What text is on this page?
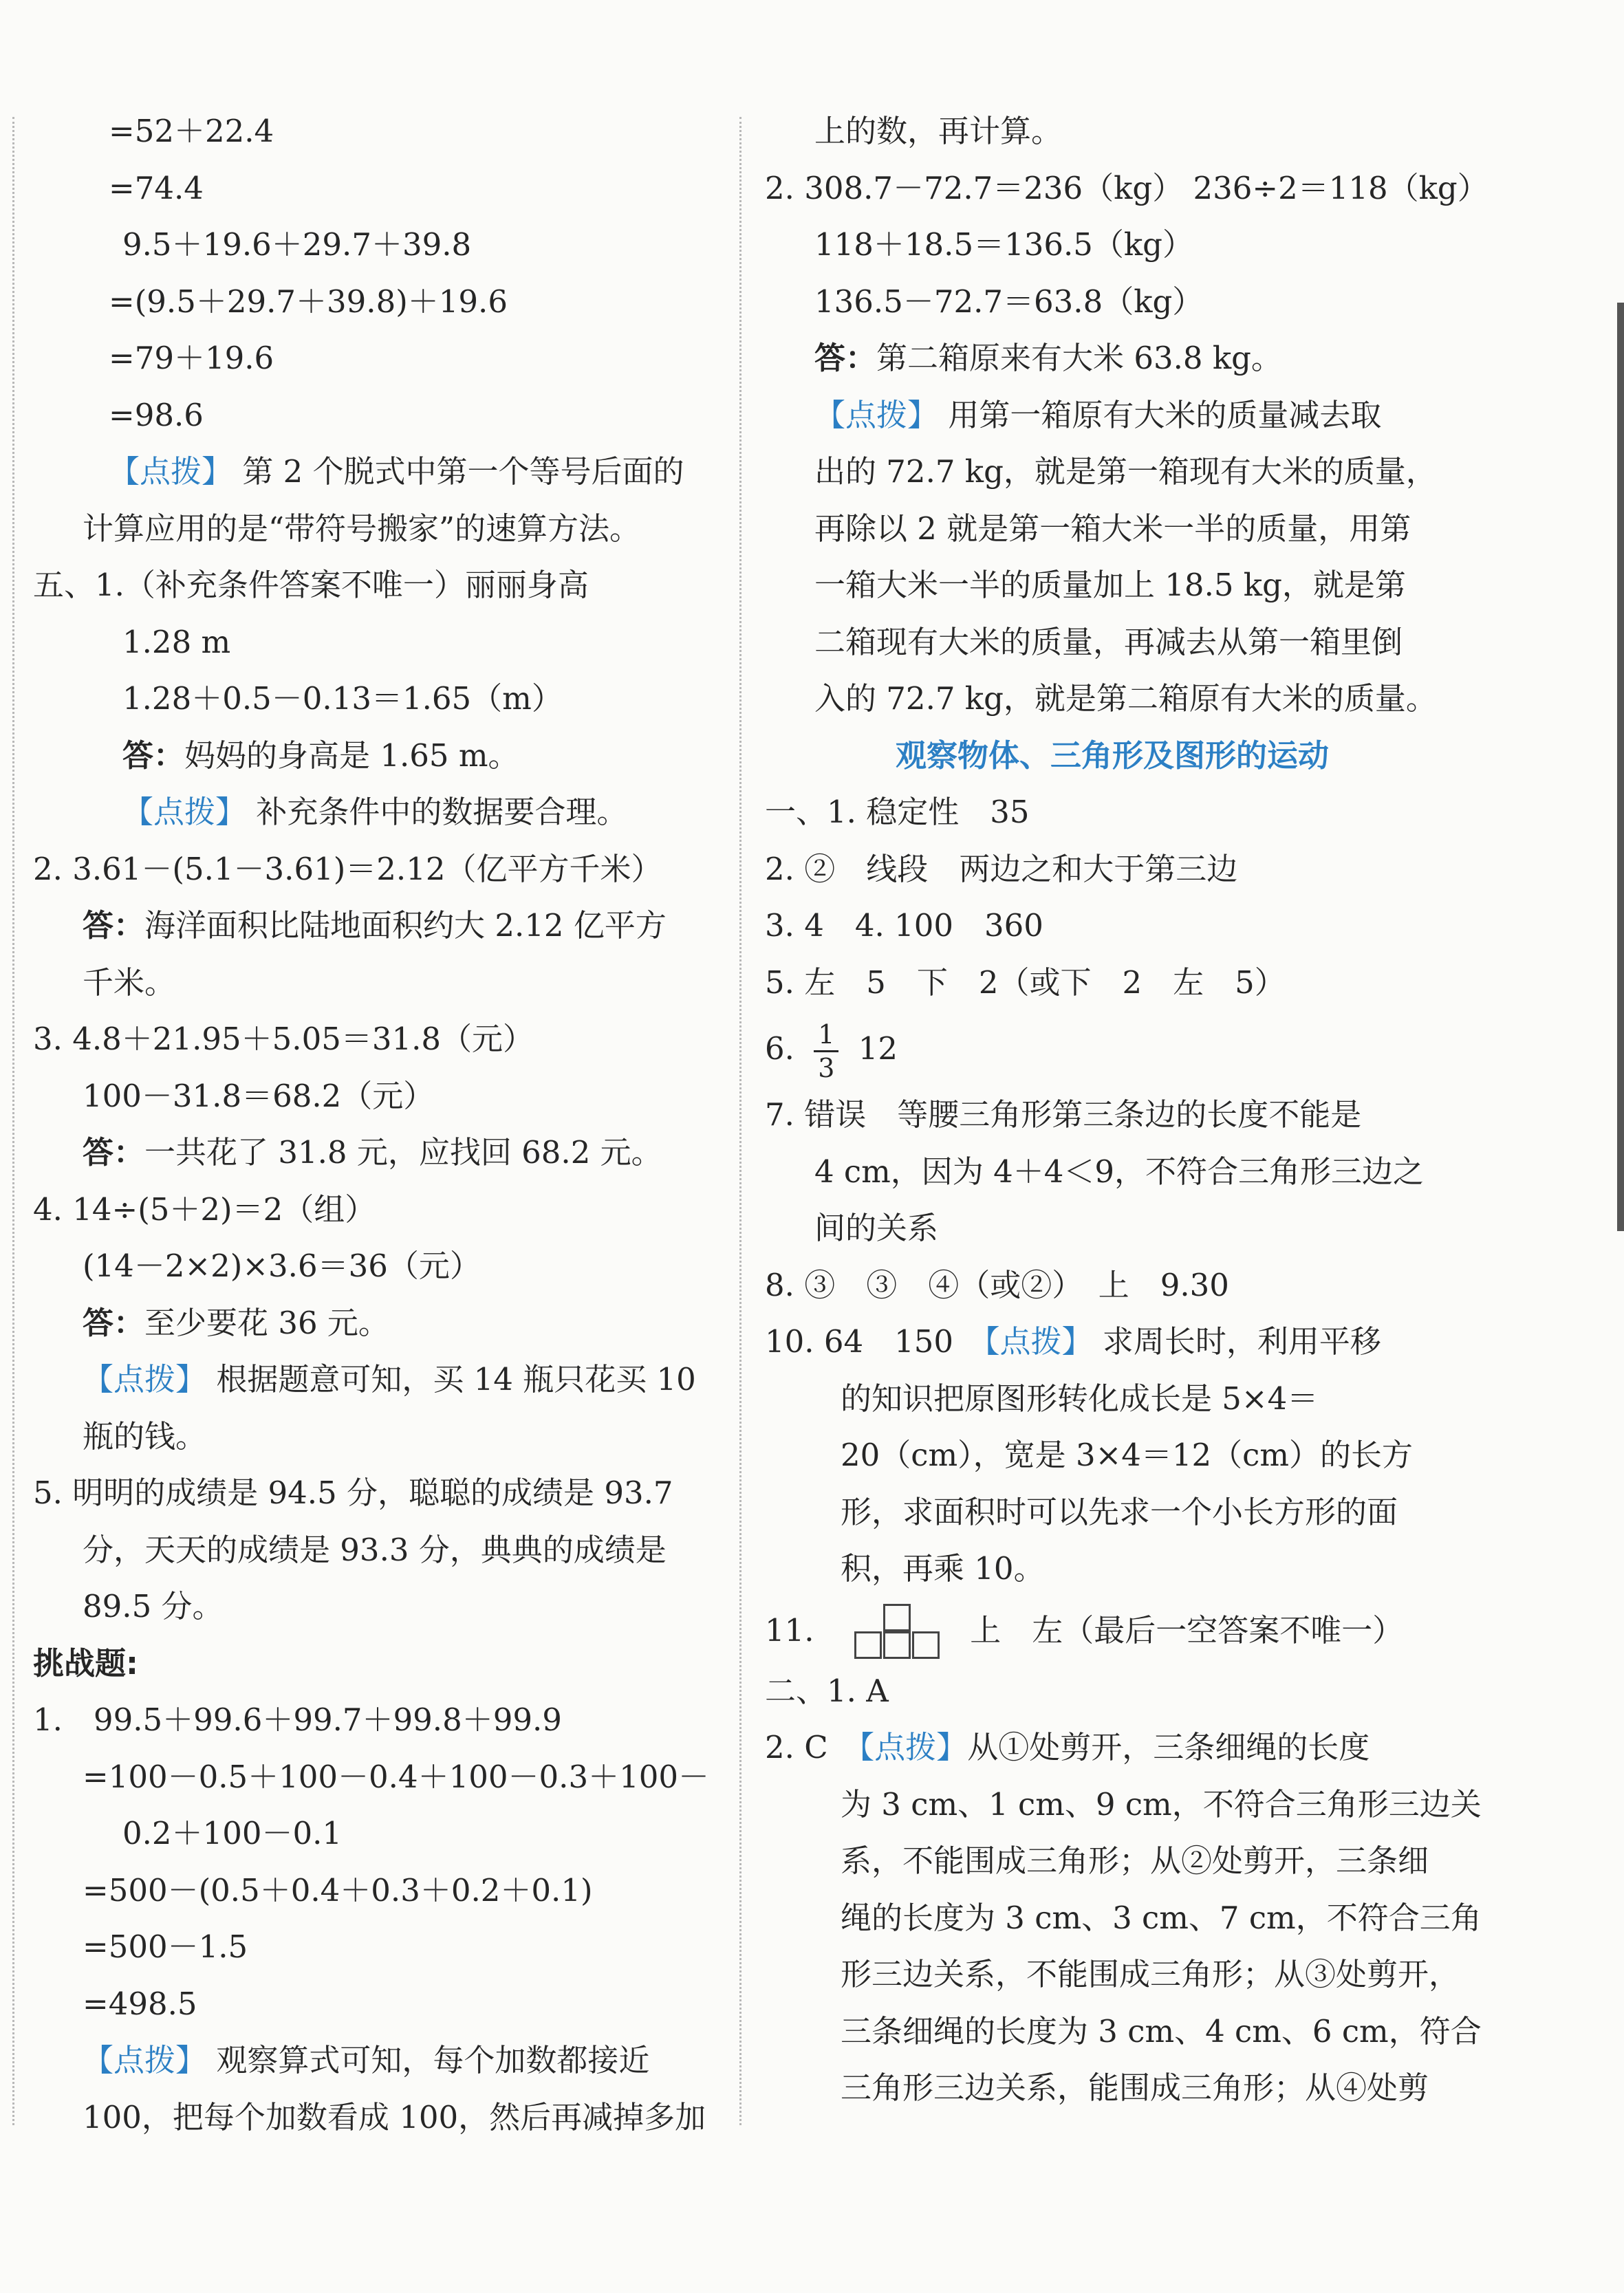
=52＋22.4
=74.4
9.5＋19.6＋29.7＋39.8
=(9.5＋29.7＋39.8)＋19.6
=79＋19.6
=98.6
【点拨】 第 2 个脱式中第一个等号后面的
计算应用的是“带符号搬家”的速算方法。
五、1.（补充条件答案不唯一）丽丽身高
1.28 m
1.28＋0.5－0.13＝1.65（m）
答：妈妈的身高是 1.65 m。
【点拨】 补充条件中的数据要合理。
2. 3.61－(5.1－3.61)＝2.12（亿平方千米）
答：海洋面积比陆地面积约大 2.12 亿平方
千米。
3. 4.8＋21.95＋5.05＝31.8（元）
100－31.8＝68.2（元）
答：一共花了 31.8 元，应找回 68.2 元。
4. 14÷(5＋2)＝2（组）
(14－2×2)×3.6＝36（元）
答：至少要花 36 元。
【点拨】 根据题意可知，买 14 瓶只花买 10
瓶的钱。
5. 明明的成绩是 94.5 分，聪聪的成绩是 93.7
分，天天的成绩是 93.3 分，典典的成绩是
89.5 分。
挑战题:
1.　99.5＋99.6＋99.7＋99.8＋99.9
=100－0.5＋100－0.4＋100－0.3＋100－
0.2＋100－0.1
=500－(0.5＋0.4＋0.3＋0.2＋0.1)
=500－1.5
=498.5
【点拨】 观察算式可知，每个加数都接近
100，把每个加数看成 100，然后再减掉多加
上的数，再计算。
2. 308.7－72.7＝236（kg） 236÷2＝118（kg）
118＋18.5＝136.5（kg）
136.5－72.7＝63.8（kg）
答：第二箱原来有大米 63.8 kg。
【点拨】 用第一箱原有大米的质量减去取
出的 72.7 kg，就是第一箱现有大米的质量，
再除以 2 就是第一箱大米一半的质量，用第
一箱大米一半的质量加上 18.5 kg，就是第
二箱现有大米的质量，再减去从第一箱里倒
入的 72.7 kg，就是第二箱原有大米的质量。
观察物体、三角形及图形的运动
一、1. 稳定性　35
2. ②　线段　两边之和大于第三边
3. 4　4. 100　360
5. 左　5　下　2（或下　2　左　5）
6. $\frac{1}{3} 12$
7. 错误　等腰三角形第三条边的长度不能是
4 cm，因为 4＋4＜9，不符合三角形三边之
间的关系
8. ③　③　④（或②）　上　9.30
10. 64　150　【点拨】 求周长时，利用平移
的知识把原图形转化成长是 5×4＝
20（cm），宽是 3×4＝12（cm）的长方
形，求面积时可以先求一个小长方形的面
积，再乘 10。
11.	上　左（最后一空答案不唯一）
二、1. A
2. C　【点拨】从①处剪开，三条细绳的长度
为 3 cm、1 cm、9 cm，不符合三角形三边关
系，不能围成三角形；从②处剪开，三条细
绳的长度为 3 cm、3 cm、7 cm，不符合三角
形三边关系，不能围成三角形；从③处剪开，
三条细绳的长度为 3 cm、4 cm、6 cm，符合
三角形三边关系，能围成三角形；从④处剪
